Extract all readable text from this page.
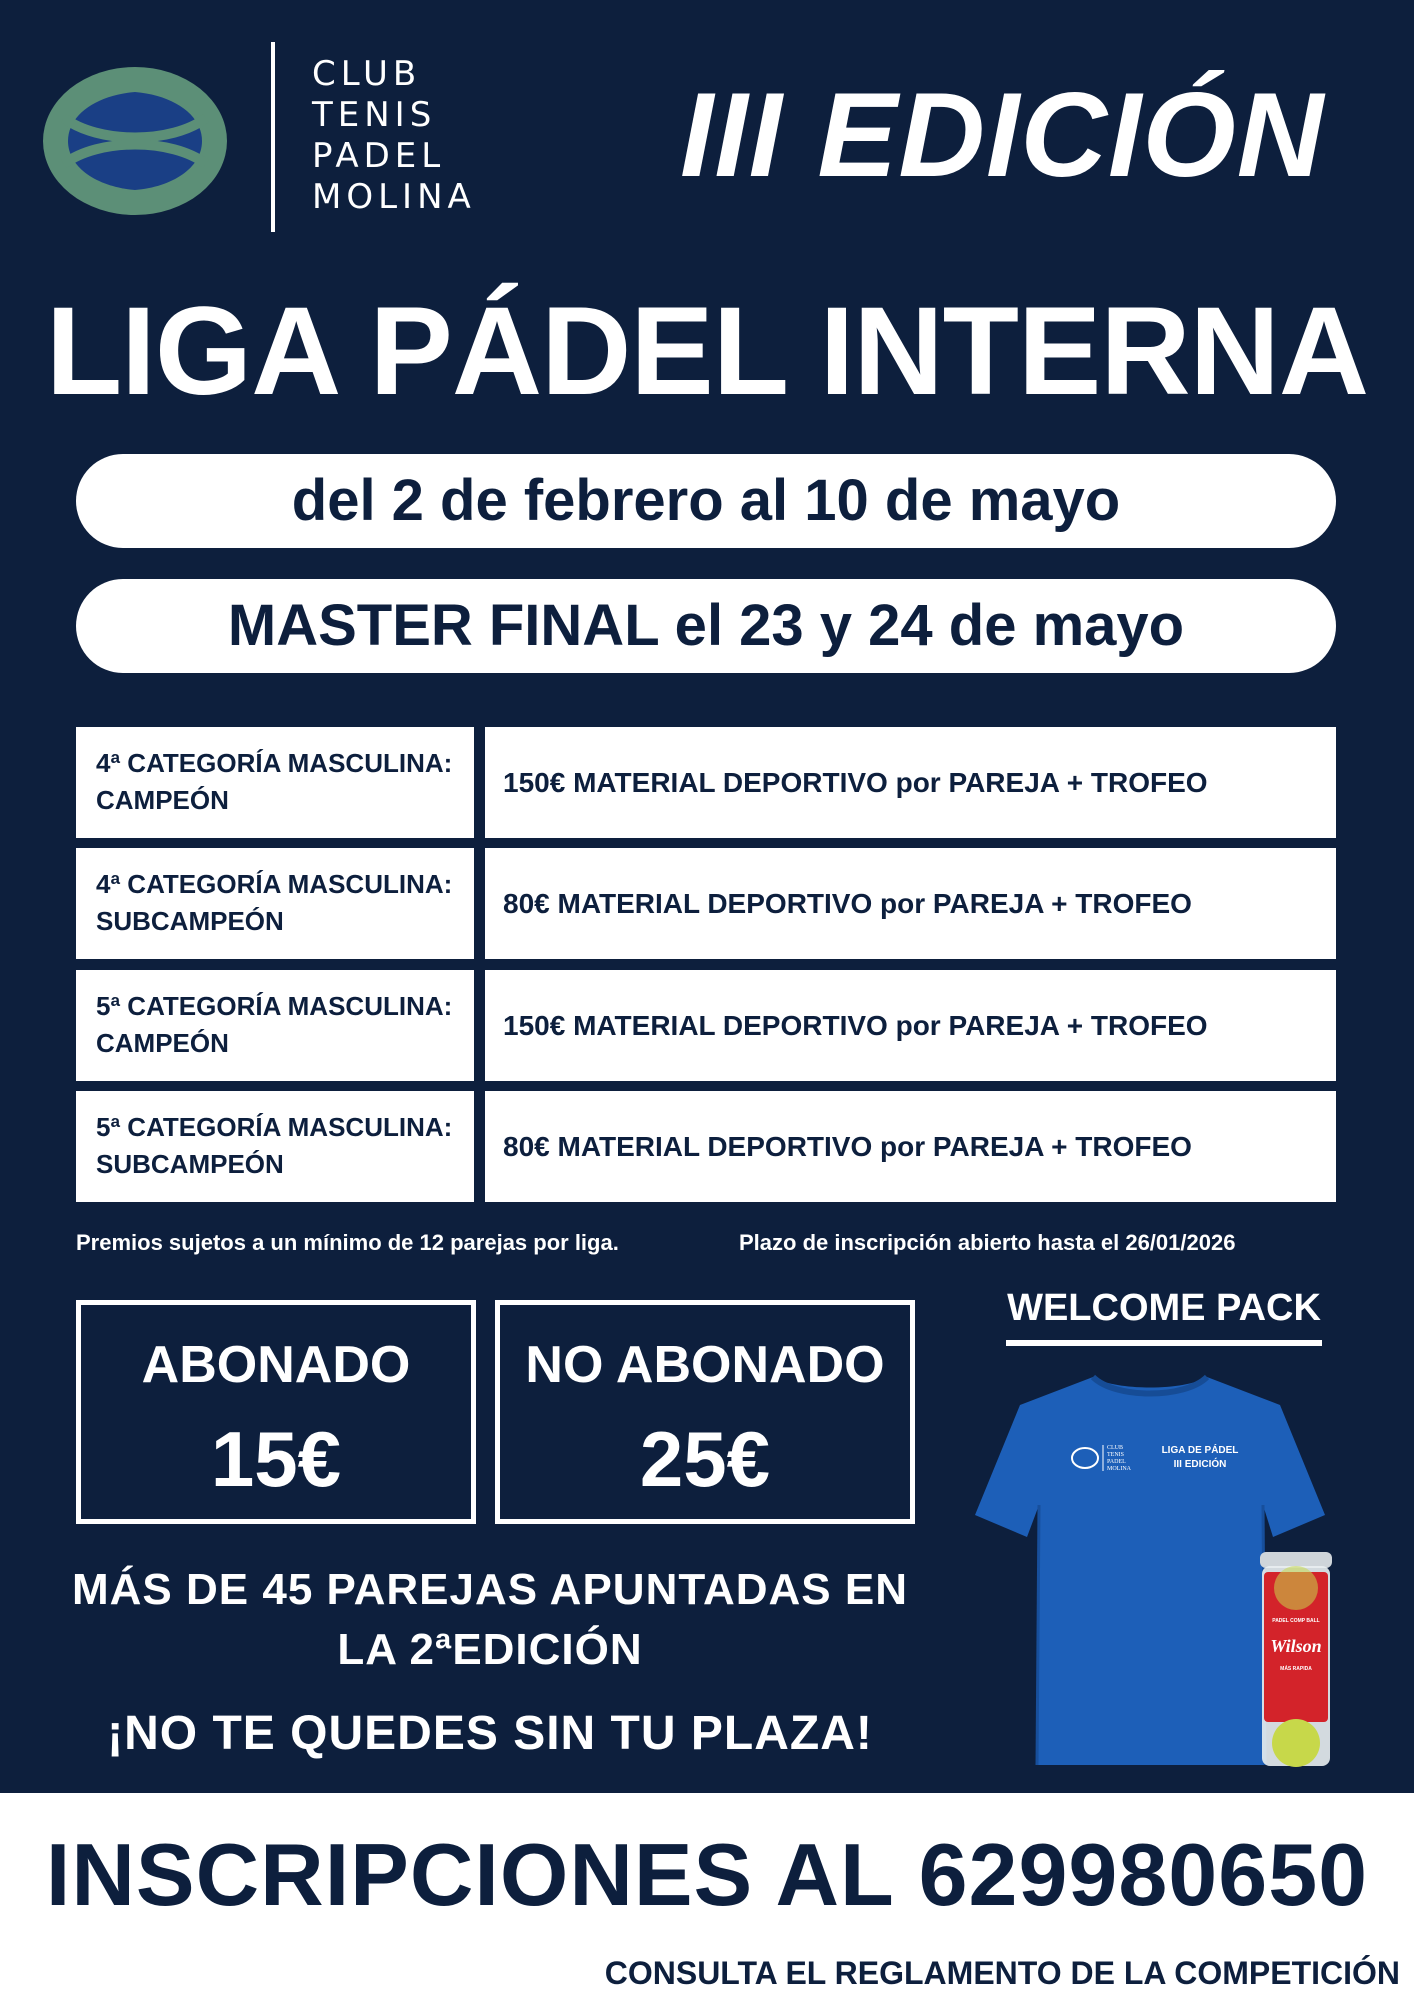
CLUB
TENIS
PADEL
MOLINA III EDICIÓN
LIGA PÁDEL INTERNA
del 2 de febrero al 10 de mayo
MASTER FINAL el 23 y 24 de mayo
4ª CATEGORÍA MASCULINA:
CAMPEÓN
150€ MATERIAL DEPORTIVO por PAREJA + TROFEO
4ª CATEGORÍA MASCULINA:
SUBCAMPEÓN
80€ MATERIAL DEPORTIVO por PAREJA + TROFEO
5ª CATEGORÍA MASCULINA:
CAMPEÓN
150€ MATERIAL DEPORTIVO por PAREJA + TROFEO
5ª CATEGORÍA MASCULINA:
SUBCAMPEÓN
80€ MATERIAL DEPORTIVO por PAREJA + TROFEO
Premios sujetos a un mínimo de 12 parejas por liga.	Plazo de inscripción abierto hasta el 26/01/2026
ABONADO
15€
NO ABONADO
25€
MÁS DE 45 PAREJAS APUNTADAS EN
LA 2ªEDICIÓN
¡NO TE QUEDES SIN TU PLAZA!
WELCOME PACK
CLUB
TENIS
PADEL
MOLINA
LIGA DE PÁDEL
III EDICIÓN
PADEL COMP BALL
Wilson
MÁS RAPIDA
INSCRIPCIONES AL 629980650
CONSULTA EL REGLAMENTO DE LA COMPETICIÓN
